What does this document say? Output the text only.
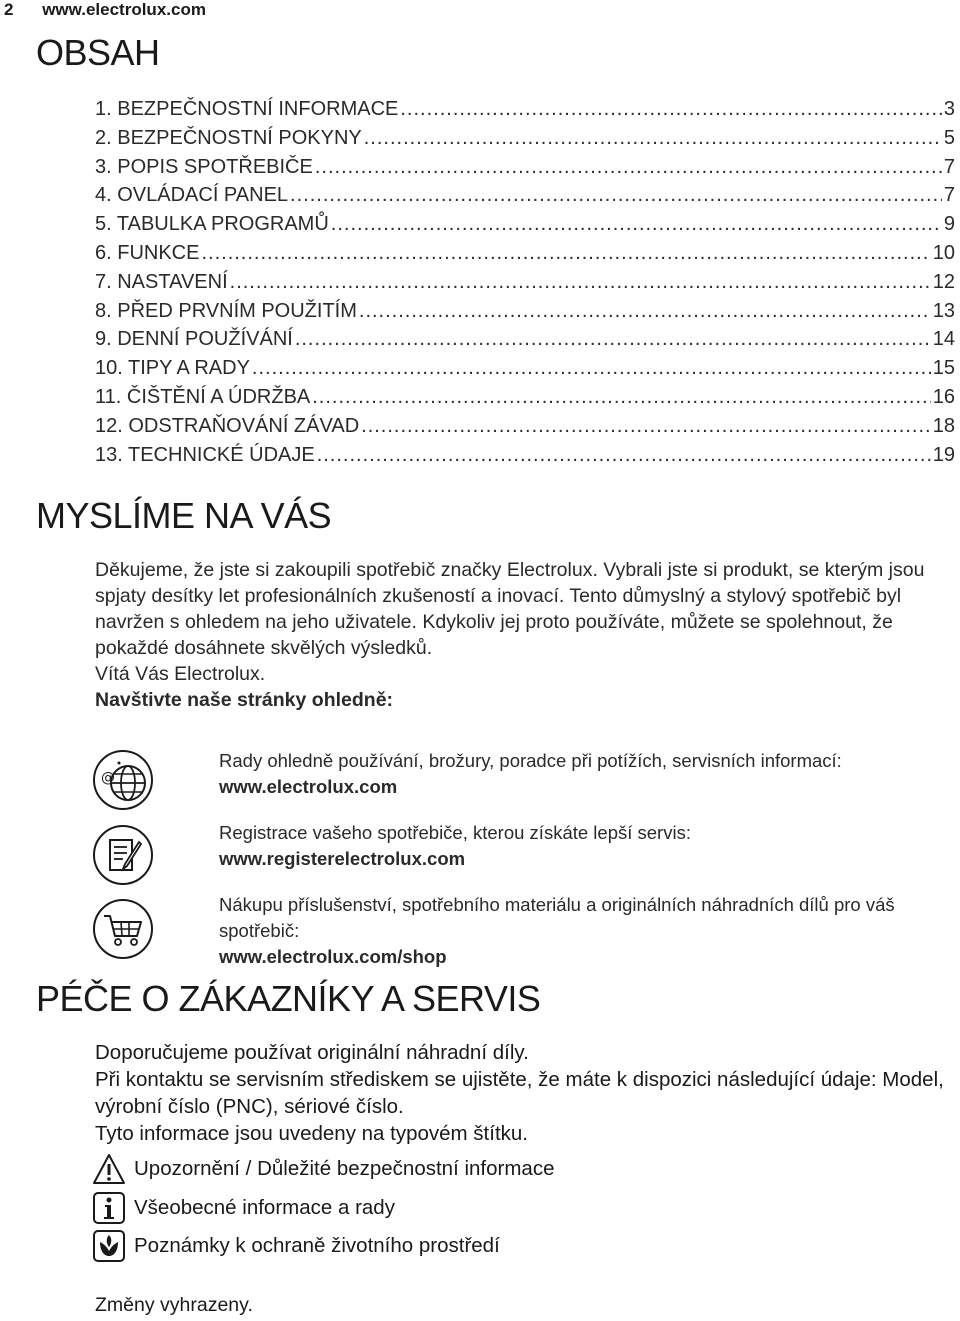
2 www.electrolux.com
OBSAH
1. BEZPEČNOSTNÍ INFORMACE .....	3
2. BEZPEČNOSTNÍ POKYNY .....	5
3. POPIS SPOTŘEBIČE .....	7
4. OVLÁDACÍ PANEL .....	7
5. TABULKA PROGRAMŮ .....	9
6. FUNKCE .....	10
7. NASTAVENÍ .....	12
8. PŘED PRVNÍM POUŽITÍM .....	13
9. DENNÍ POUŽÍVÁNÍ .....	14
10. TIPY A RADY .....	15
11. ČIŠTĚNÍ A ÚDRŽBA .....	16
12. ODSTRAŇOVÁNÍ ZÁVAD .....	18
13. TECHNICKÉ ÚDAJE .....	19
MYSLÍME NA VÁS

Děkujeme, že jste si zakoupili spotřebič značky Electrolux. Vybrali jste si produkt, se kterým jsou spjaty desítky let profesionálních zkušeností a inovací. Tento důmyslný a stylový spotřebič byl navržen s ohledem na jeho uživatele. Kdykoliv jej proto používáte, můžete se spolehnout, že pokaždé dosáhnete skvělých výsledků.

Vítá Vás Electrolux.

Navštivte naše stránky ohledně:

@
Rady ohledně používání, brožury, poradce při potížích, servisních informací:
www.electrolux.com
Registrace vašeho spotřebiče, kterou získáte lepší servis:
www.registerelectrolux.com
Nákupu příslušenství, spotřebního materiálu a originálních náhradních dílů pro váš spotřebič:
www.electrolux.com/shop
PÉČE O ZÁKAZNÍKY A SERVIS

Doporučujeme používat originální náhradní díly.

Při kontaktu se servisním střediskem se ujistěte, že máte k dispozici následující údaje: Model, výrobní číslo (PNC), sériové číslo.

Tyto informace jsou uvedeny na typovém štítku.

Upozornění / Důležité bezpečnostní informace
Všeobecné informace a rady
Poznámky k ochraně životního prostředí
Změny vyhrazeny.
